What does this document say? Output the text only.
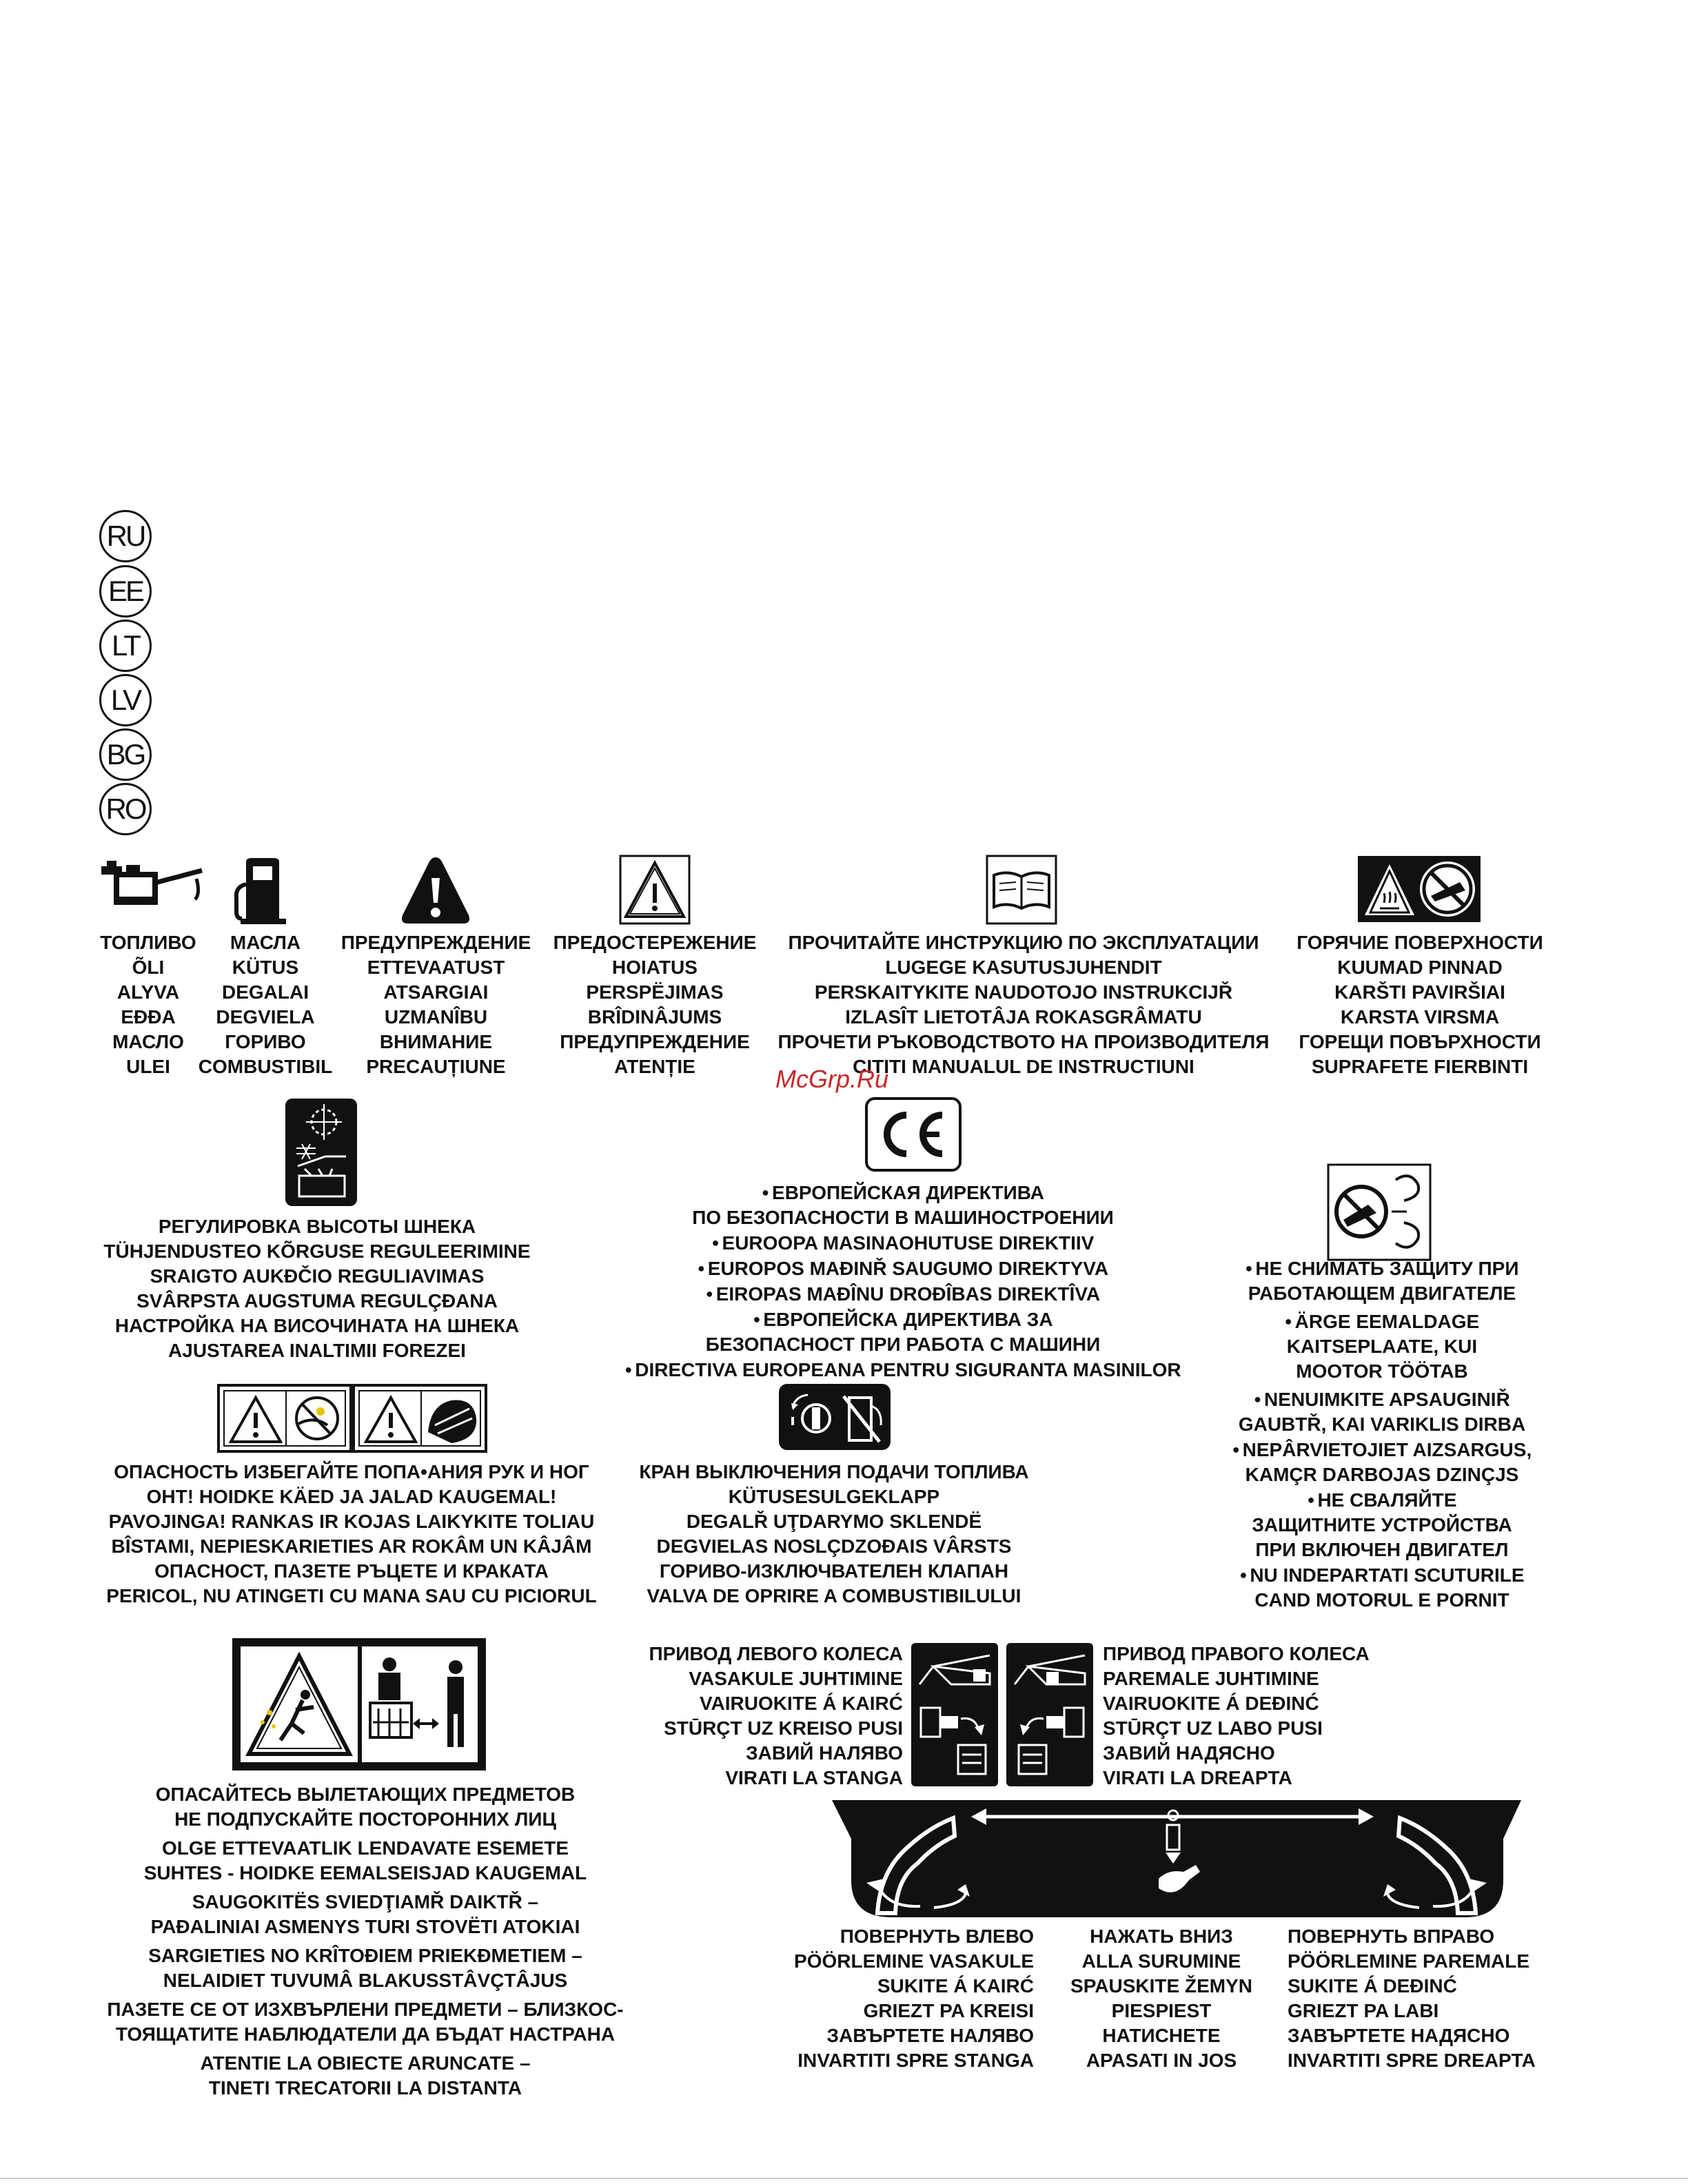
RU
EE
LT
LV
BG
RO
ТОПЛИВО
ÕLI
ALYVA
EĐĐA
МАСЛО
ULEI
МАСЛА
KÜTUS
DEGALAI
DEGVIELA
ГОРИВО
COMBUSTIBIL
ПРЕДУПРЕЖДЕНИЕ
ETTEVAATUST
ATSARGIAI
UZMANÎBU
ВНИМАНИЕ
PRECAUȚIUNE
ПРЕДОСТЕРЕЖЕНИЕ
HOIATUS
PERSPËJIMAS
BRÎDINÂJUMS
ПРЕДУПРЕЖДЕНИЕ
ATENȚIE
ПРОЧИТАЙТЕ ИНСТРУКЦИЮ ПО ЭКСПЛУАТАЦИИ
LUGEGE KASUTUSJUHENDIT
PERSKAITYKITE NAUDOTOJO INSTRUKCIJŘ
IZLASÎT LIETOTÂJA ROKASGRÂMATU
ПРОЧЕТИ РЪКОВОДСТВОТО НА ПРОИЗВОДИТЕЛЯ
CITITI MANUALUL DE INSTRUCTIUNI
ГОРЯЧИЕ ПОВЕРХНОСТИ
KUUMAD PINNAD
KARŠTI PAVIRŠIAI
KARSTA VIRSMA
ГОРЕЩИ ПОВЪРХНОСТИ
SUPRAFETE FIERBINTI
McGrp.Ru
РЕГУЛИРОВКА ВЫСОТЫ ШНЕКА
TÜHJENDUSTEO KÕRGUSE REGULEERIMINE
SRAIGTO AUKĐČIO REGULIAVIMAS
SVÂRPSTA AUGSTUMA REGULÇĐANA
НАСТРОЙКА НА ВИСОЧИНАТА НА ШНЕКА
AJUSTAREA INALTIMII FOREZEI
● ЕВРОПЕЙСКАЯ ДИРЕКТИВА
ПО БЕЗОПАСНОСТИ В МАШИНОСТРОЕНИИ
● EUROOPA MASINAOHUTUSE DIREKTIIV
● EUROPOS MAĐINŘ SAUGUMO DIREKTYVA
● EIROPAS MAĐÎNU DROĐÎBAS DIREKTÎVA
● ЕВРОПЕЙСКА ДИРЕКТИВА ЗА
БЕЗОПАСНОСТ ПРИ РАБОТА С МАШИНИ
● DIRECTIVA EUROPEANA PENTRU SIGURANTA MASINILOR
● НЕ СНИМАТЬ ЗАЩИТУ ПРИ
РАБОТАЮЩЕМ ДВИГАТЕЛЕ
● ÄRGE EEMALDAGE
KAITSEPLAATE, KUI
MOOTOR TÖÖTAB
● NENUIMKITE APSAUGINIŘ
GAUBTŘ, KAI VARIKLIS DIRBA
● NEPÂRVIETOJIET AIZSARGUS,
KAMÇR DARBOJAS DZINÇJS
● НЕ СВАЛЯЙТЕ
ЗАЩИТНИТЕ УСТРОЙСТВА
ПРИ ВКЛЮЧЕН ДВИГАТЕЛ
● NU INDEPARTATI SCUTURILE
CAND MOTORUL E PORNIT
ОПАСНОСТЬ ИЗБЕГАЙТЕ ПОПА•АНИЯ РУК И НОГ
OHT! HOIDKE KÄED JA JALAD KAUGEMAL!
PAVOJINGA! RANKAS IR KOJAS LAIKYKITE TOLIAU
BÎSTAMI, NEPIESKARIETIES AR ROKÂM UN KÂJÂM
ОПАСНОСТ, ПАЗЕТЕ РЪЦЕТЕ И КРАКАТА
PERICOL, NU ATINGETI CU MANA SAU CU PICIORUL
КРАН ВЫКЛЮЧЕНИЯ ПОДАЧИ ТОПЛИВА
KÜTUSESULGEKLAPP
DEGALŘ UŢDARYMO SKLENDË
DEGVIELAS NOSLÇDZOĐAIS VÂRSTS
ГОРИВО-ИЗКЛЮЧВАТЕЛЕН КЛАПАН
VALVA DE OPRIRE A COMBUSTIBILULUI
ОПАСАЙТЕСЬ ВЫЛЕТАЮЩИХ ПРЕДМЕТОВ
НЕ ПОДПУСКАЙТЕ ПОСТОРОННИХ ЛИЦ
OLGE ETTEVAATLIK LENDAVATE ESEMETE
SUHTES - HOIDKE EEMALSEISJAD KAUGEMAL
SAUGOKITËS SVIEDŢIAMŘ DAIKTŘ –
PAĐALINIAI ASMENYS TURI STOVËTI ATOKIAI
SARGIETIES NO KRÎTOĐIEM PRIEKĐMETIEM –
NELAIDIET TUVUMÂ BLAKUSSTÂVÇTÂJUS
ПАЗЕТЕ СЕ ОТ ИЗХВЪРЛЕНИ ПРЕДМЕТИ – БЛИЗКОС-
ТОЯЩАТИТЕ НАБЛЮДАТЕЛИ ДА БЪДАТ НАСТРАНА
ATENTIE LA OBIECTE ARUNCATE –
TINETI TRECATORII LA DISTANTA
ПРИВОД ЛЕВОГО КОЛЕСА
VASAKULE JUHTIMINE
VAIRUOKITE Á KAIRĆ
STŪRÇT UZ KREISO PUSI
ЗАВИЙ НАЛЯВО
VIRATI LA STANGA
ПРИВОД ПРАВОГО КОЛЕСА
PAREMALE JUHTIMINE
VAIRUOKITE Á DEĐINĆ
STŪRÇT UZ LABO PUSI
ЗАВИЙ НАДЯСНО
VIRATI LA DREAPTA
ПОВЕРНУТЬ ВЛЕВО
PÖÖRLEMINE VASAKULE
SUKITE Á KAIRĆ
GRIEZT PA KREISI
ЗАВЪРТЕТЕ НАЛЯВО
INVARTITI SPRE STANGA
НАЖАТЬ ВНИЗ
ALLA SURUMINE
SPAUSKITE ŽEMYN
PIESPIEST
НАТИСНЕТЕ
APASATI IN JOS
ПОВЕРНУТЬ ВПРАВО
PÖÖRLEMINE PAREMALE
SUKITE Á DEĐINĆ
GRIEZT PA LABI
ЗАВЪРТЕТЕ НАДЯСНО
INVARTITI SPRE DREAPTA
